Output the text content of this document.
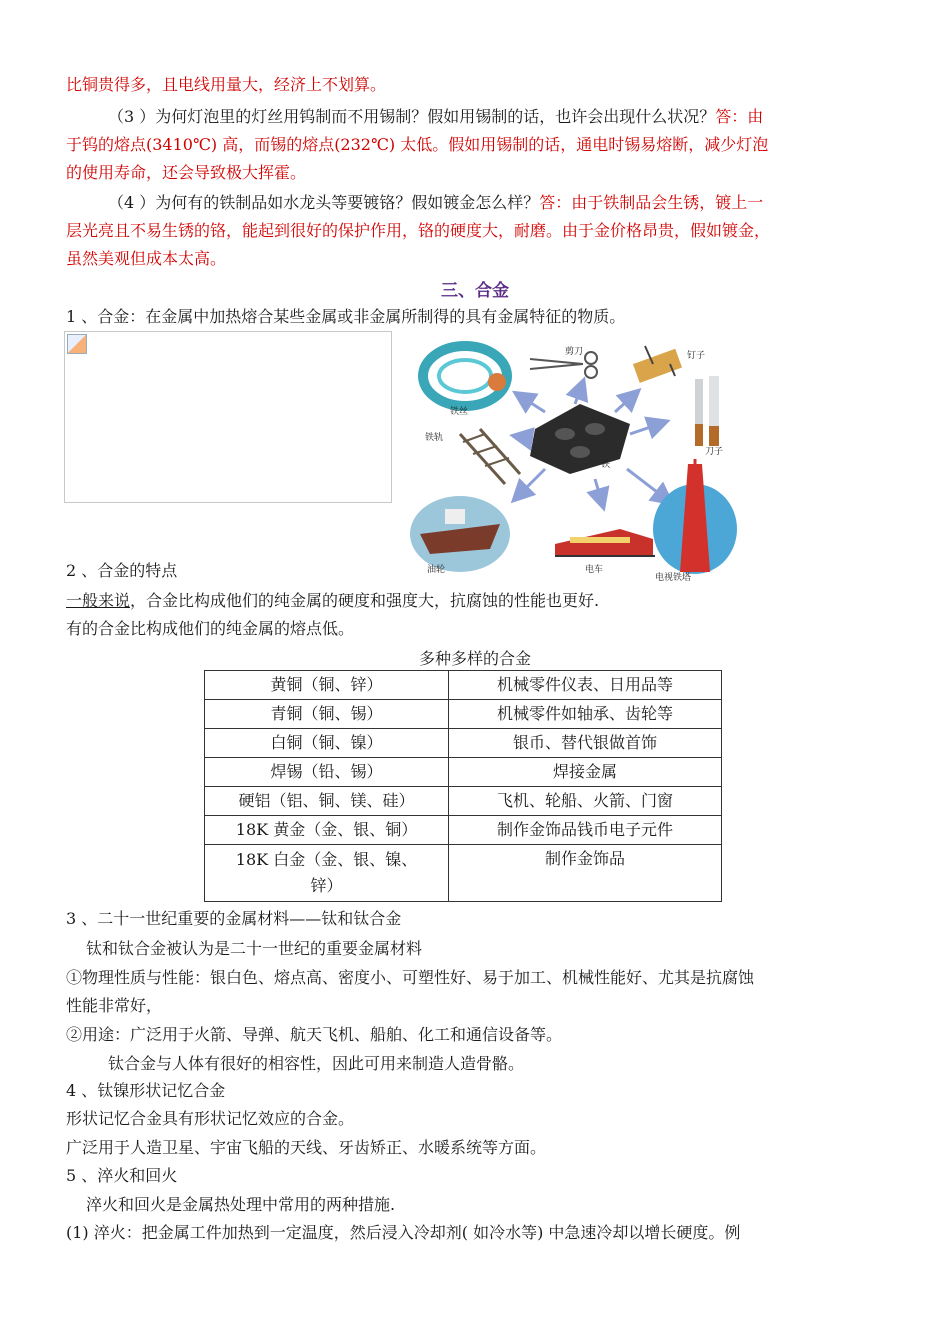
比铜贵得多，且电线用量大，经济上不划算。
（3 ）为何灯泡里的灯丝用钨制而不用锡制？假如用锡制的话，也许会出现什么状况？答：由
于钨的熔点(3410℃) 高，而锡的熔点(232℃) 太低。假如用锡制的话，通电时锡易熔断，减少灯泡
的使用寿命，还会导致极大挥霍。
（4 ）为何有的铁制品如水龙头等要镀铬？假如镀金怎么样？答：由于铁制品会生锈，镀上一
层光亮且不易生锈的铬，能起到很好的保护作用，铬的硬度大，耐磨。由于金价格昂贵，假如镀金，
虽然美观但成本太高。
三、合金
1 、合金：在金属中加热熔合某些金属或非金属所制得的具有金属特征的物质。
铁
铁丝
剪刀	钉子
刀子
铁轨
油轮	电车
电视铁塔
2 、合金的特点
一般来说，合金比构成他们的纯金属的硬度和强度大，抗腐蚀的性能也更好.
有的合金比构成他们的纯金属的熔点低。
多种多样的合金
黄铜（铜、锌）	机械零件仪表、日用品等
青铜（铜、锡）	机械零件如轴承、齿轮等
白铜（铜、镍）	银币、替代银做首饰
焊锡（铅、锡）	焊接金属
硬铝（铝、铜、镁、硅）	飞机、轮船、火箭、门窗
18K 黄金（金、银、铜）	制作金饰品钱币电子元件
18K 白金（金、银、镍、
锌）	制作金饰品
3 、二十一世纪重要的金属材料——钛和钛合金
钛和钛合金被认为是二十一世纪的重要金属材料
①物理性质与性能：银白色、熔点高、密度小、可塑性好、易于加工、机械性能好、尤其是抗腐蚀
性能非常好，
②用途：广泛用于火箭、导弹、航天飞机、船舶、化工和通信设备等。
钛合金与人体有很好的相容性，因此可用来制造人造骨骼。
4 、钛镍形状记忆合金
形状记忆合金具有形状记忆效应的合金。
广泛用于人造卫星、宇宙飞船的天线、牙齿矫正、水暖系统等方面。
5 、淬火和回火
淬火和回火是金属热处理中常用的两种措施.
(1) 淬火：把金属工件加热到一定温度，然后浸入冷却剂( 如冷水等) 中急速冷却以增长硬度。例
